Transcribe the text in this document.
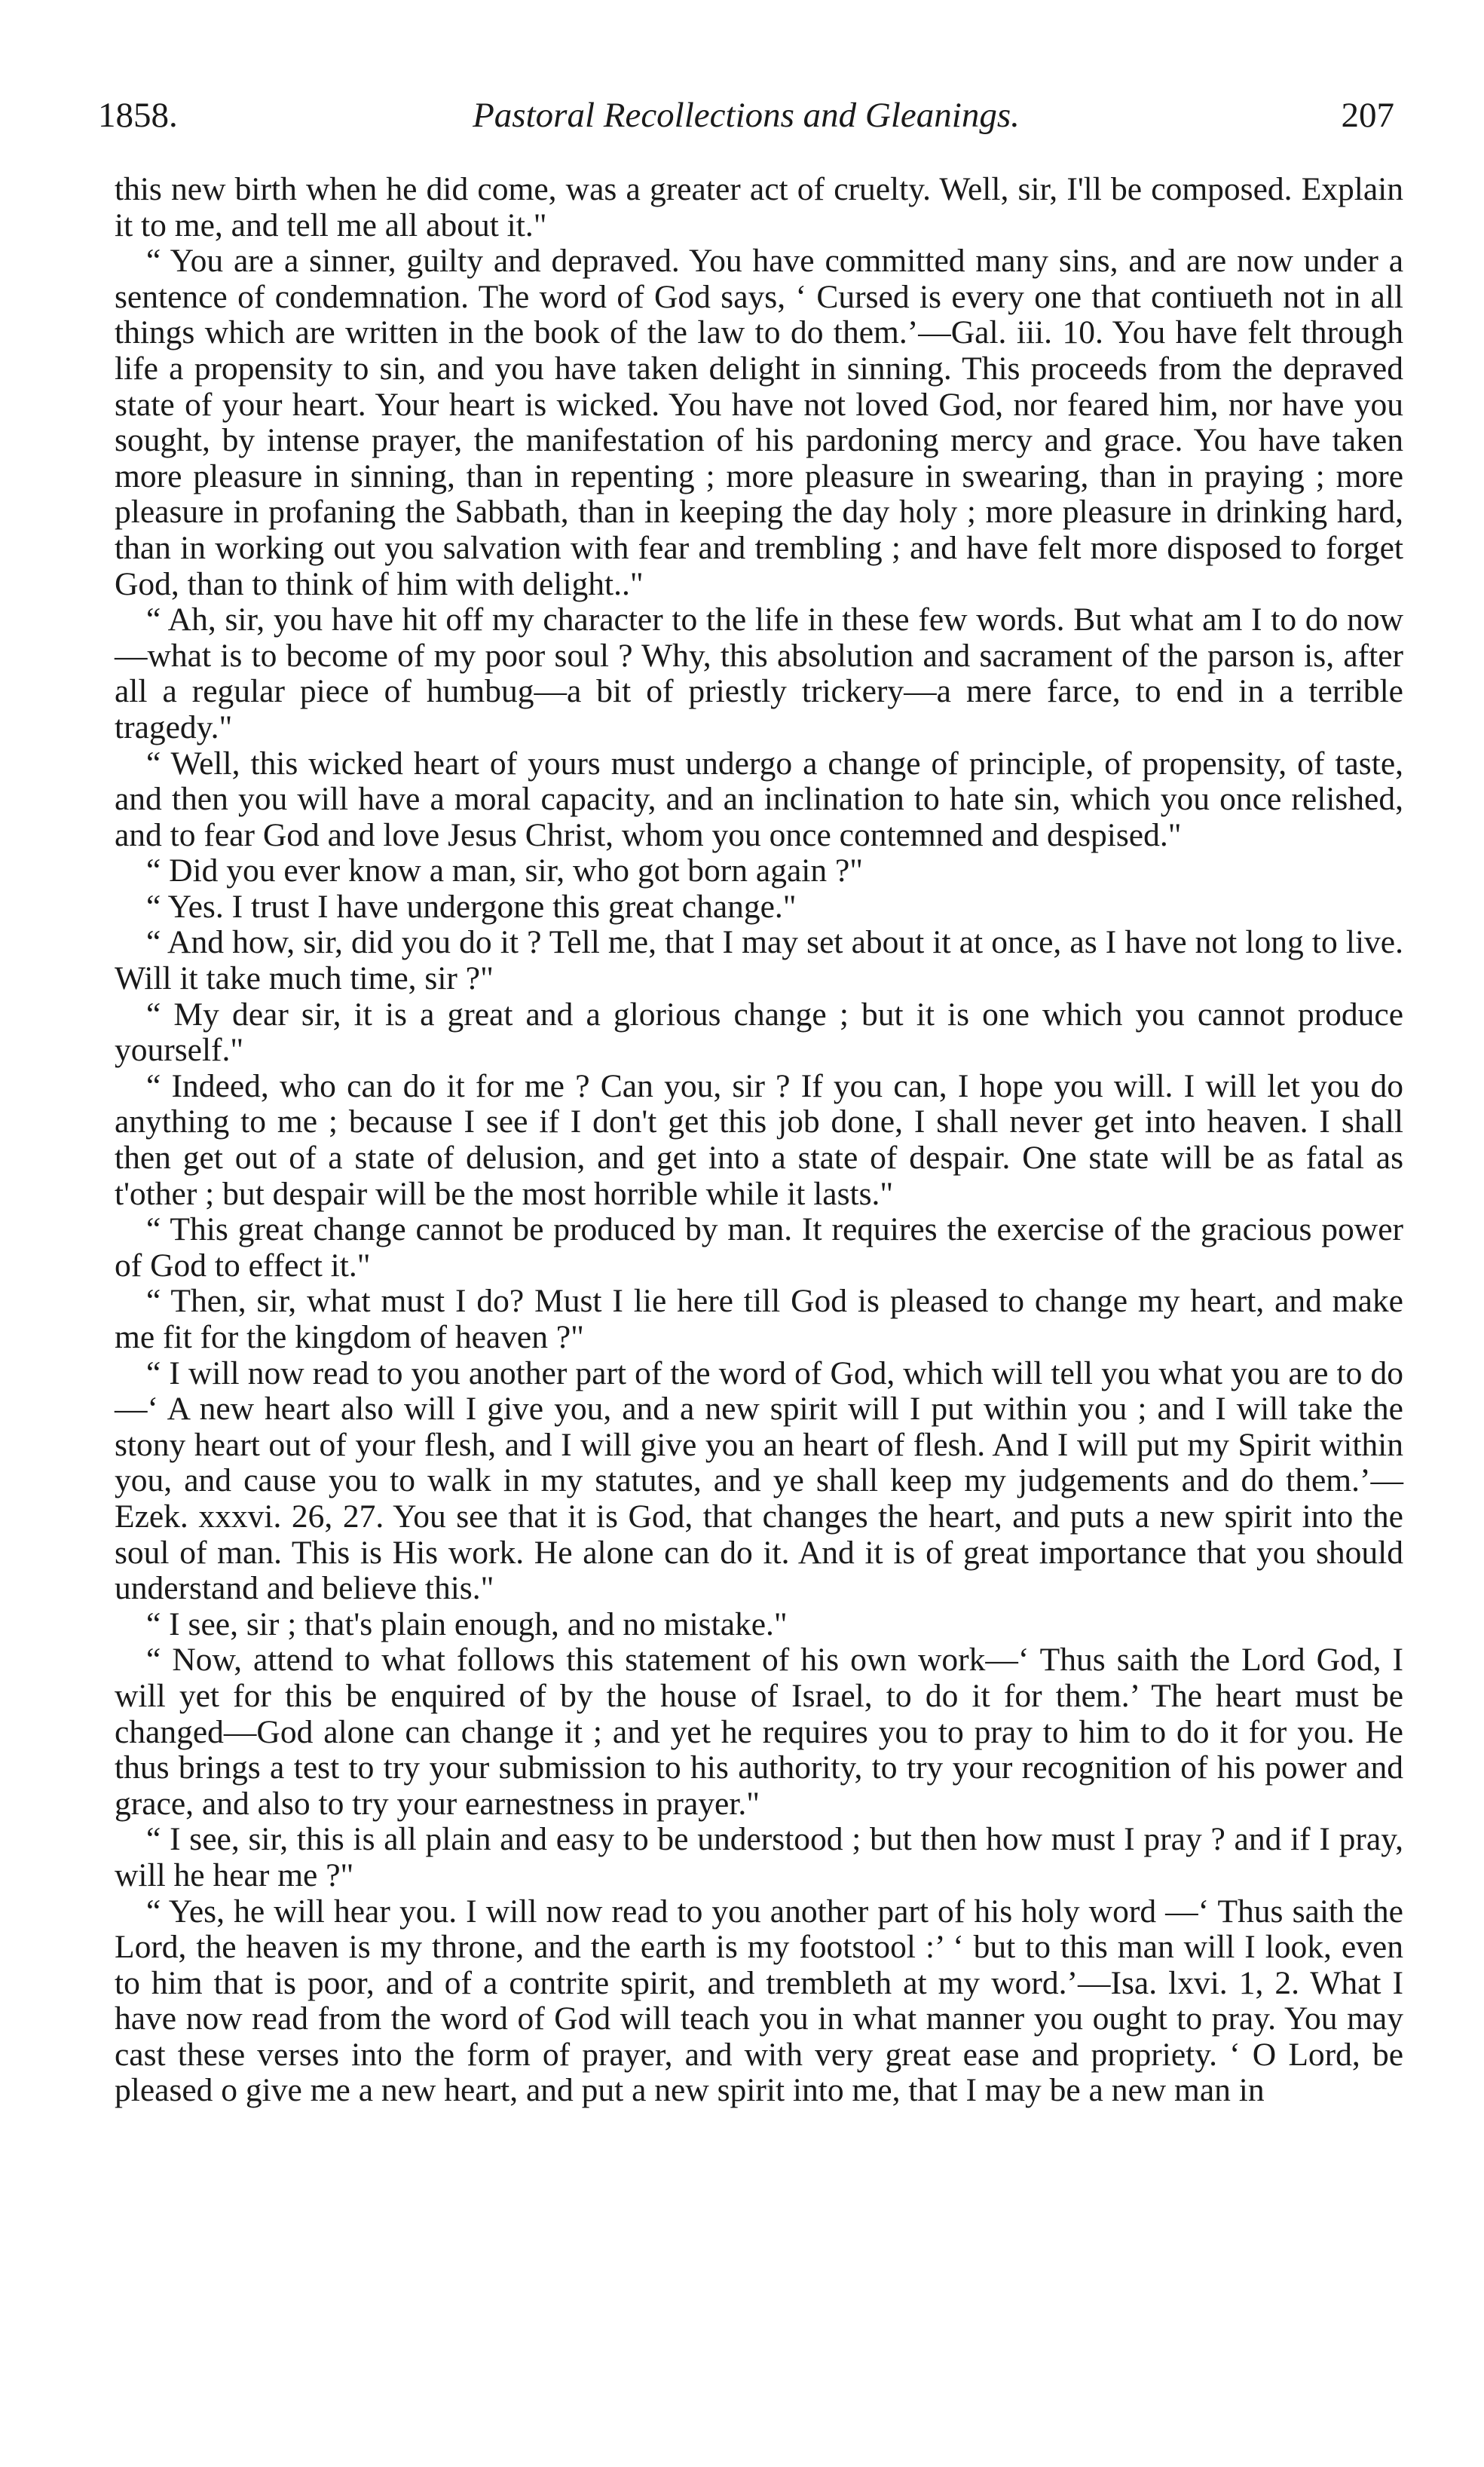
1858.	Pastoral Recollections and Gleanings.	207

this new birth when he did come, was a greater act of cruelty. Well, sir, I'll be composed. Explain it to me, and tell me all about it."

“ You are a sinner, guilty and depraved. You have committed many sins, and are now under a sentence of condemnation. The word of God says, ‘ Cursed is every one that contiueth not in all things which are written in the book of the law to do them.’—Gal. iii. 10. You have felt through life a propensity to sin, and you have taken delight in sinning. This proceeds from the depraved state of your heart. Your heart is wicked. You have not loved God, nor feared him, nor have you sought, by intense prayer, the manifestation of his pardoning mercy and grace. You have taken more pleasure in sinning, than in repenting ; more pleasure in swearing, than in praying ; more pleasure in profaning the Sabbath, than in keeping the day holy ; more pleasure in drinking hard, than in working out you salvation with fear and trembling ; and have felt more disposed to forget God, than to think of him with delight.."

“ Ah, sir, you have hit off my character to the life in these few words. But what am I to do now—what is to become of my poor soul ? Why, this absolution and sacrament of the parson is, after all a regular piece of humbug—a bit of priestly trickery—a mere farce, to end in a terrible tragedy."

“ Well, this wicked heart of yours must undergo a change of principle, of propensity, of taste, and then you will have a moral capacity, and an inclination to hate sin, which you once relished, and to fear God and love Jesus Christ, whom you once contemned and despised."

“ Did you ever know a man, sir, who got born again ?"

“ Yes. I trust I have undergone this great change."

“ And how, sir, did you do it ? Tell me, that I may set about it at once, as I have not long to live. Will it take much time, sir ?"

“ My dear sir, it is a great and a glorious change ; but it is one which you cannot produce yourself."

“ Indeed, who can do it for me ? Can you, sir ? If you can, I hope you will. I will let you do anything to me ; because I see if I don't get this job done, I shall never get into heaven. I shall then get out of a state of delusion, and get into a state of despair. One state will be as fatal as t'other ; but despair will be the most horrible while it lasts."

“ This great change cannot be produced by man. It requires the exercise of the gracious power of God to effect it."

“ Then, sir, what must I do? Must I lie here till God is pleased to change my heart, and make me fit for the kingdom of heaven ?"

“ I will now read to you another part of the word of God, which will tell you what you are to do—‘ A new heart also will I give you, and a new spirit will I put within you ; and I will take the stony heart out of your flesh, and I will give you an heart of flesh. And I will put my Spirit within you, and cause you to walk in my statutes, and ye shall keep my judgements and do them.’—Ezek. xxxvi. 26, 27. You see that it is God, that changes the heart, and puts a new spirit into the soul of man. This is His work. He alone can do it. And it is of great importance that you should understand and believe this."

“ I see, sir ; that's plain enough, and no mistake."

“ Now, attend to what follows this statement of his own work—‘ Thus saith the Lord God, I will yet for this be enquired of by the house of Israel, to do it for them.’ The heart must be changed—God alone can change it ; and yet he requires you to pray to him to do it for you. He thus brings a test to try your submission to his authority, to try your recognition of his power and grace, and also to try your earnestness in prayer."

“ I see, sir, this is all plain and easy to be understood ; but then how must I pray ? and if I pray, will he hear me ?"

“ Yes, he will hear you. I will now read to you another part of his holy word —‘ Thus saith the Lord, the heaven is my throne, and the earth is my footstool :’ ‘ but to this man will I look, even to him that is poor, and of a contrite spirit, and trembleth at my word.’—Isa. lxvi. 1, 2. What I have now read from the word of God will teach you in what manner you ought to pray. You may cast these verses into the form of prayer, and with very great ease and propriety. ‘ O Lord, be pleased o give me a new heart, and put a new spirit into me, that I may be a new man in
